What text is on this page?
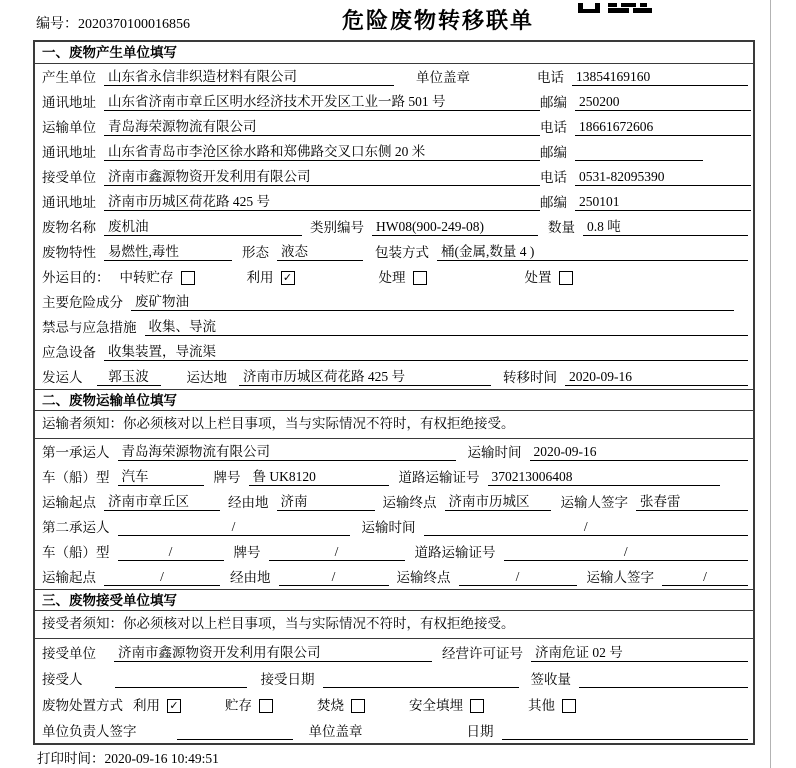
编号：2020370100016856	危险废物转移联单
一、废物产生单位填写
产生单位 山东省永信非织造材料有限公司	单位盖章	电话 13854169160
通讯地址 山东省济南市章丘区明水经济技术开发区工业一路 501 号	邮编 250200
运输单位 青岛海荣源物流有限公司	电话 18661672606
通讯地址 山东省青岛市李沧区徐水路和郑佛路交叉口东侧 20 米	邮编
接受单位 济南市鑫源物资开发利用有限公司	电话 0531-82095390
通讯地址 济南市历城区荷花路 425 号	邮编 250101
废物名称 废机油	类别编号 HW08(900-249-08)	数量 0.8 吨
废物特性 易燃性,毒性	形态 液态	包装方式 桶(金属,数量 4 )
外运目的： 中转贮存	利用 ✓	处理	处置
主要危险成分 废矿物油
禁忌与应急措施 收集、导流
应急设备 收集装置，导流渠
发运人	郭玉波	运达地 济南市历城区荷花路 425 号	转移时间 2020-09-16
二、废物运输单位填写
运输者须知：你必须核对以上栏目事项，当与实际情况不符时，有权拒绝接受。
第一承运人 青岛海荣源物流有限公司	运输时间 2020-09-16
车（船）型 汽车	牌号 鲁 UK8120	道路运输证号 370213006408
运输起点 济南市章丘区	经由地 济南	运输终点 济南市历城区	运输人签字 张春雷
第二承运人	/	运输时间	/
车（船）型	/	牌号	/	道路运输证号	/
运输起点	/	经由地	/	运输终点	/	运输人签字	/
三、废物接受单位填写
接受者须知：你必须核对以上栏目事项，当与实际情况不符时，有权拒绝接受。
接受单位 济南市鑫源物资开发利用有限公司	经营许可证号 济南危证 02 号
接受人	接受日期	签收量
废物处置方式 利用 ✓	贮存	焚烧	安全填埋	其他
单位负责人签字	单位盖章	日期
打印时间：2020-09-16 10:49:51
